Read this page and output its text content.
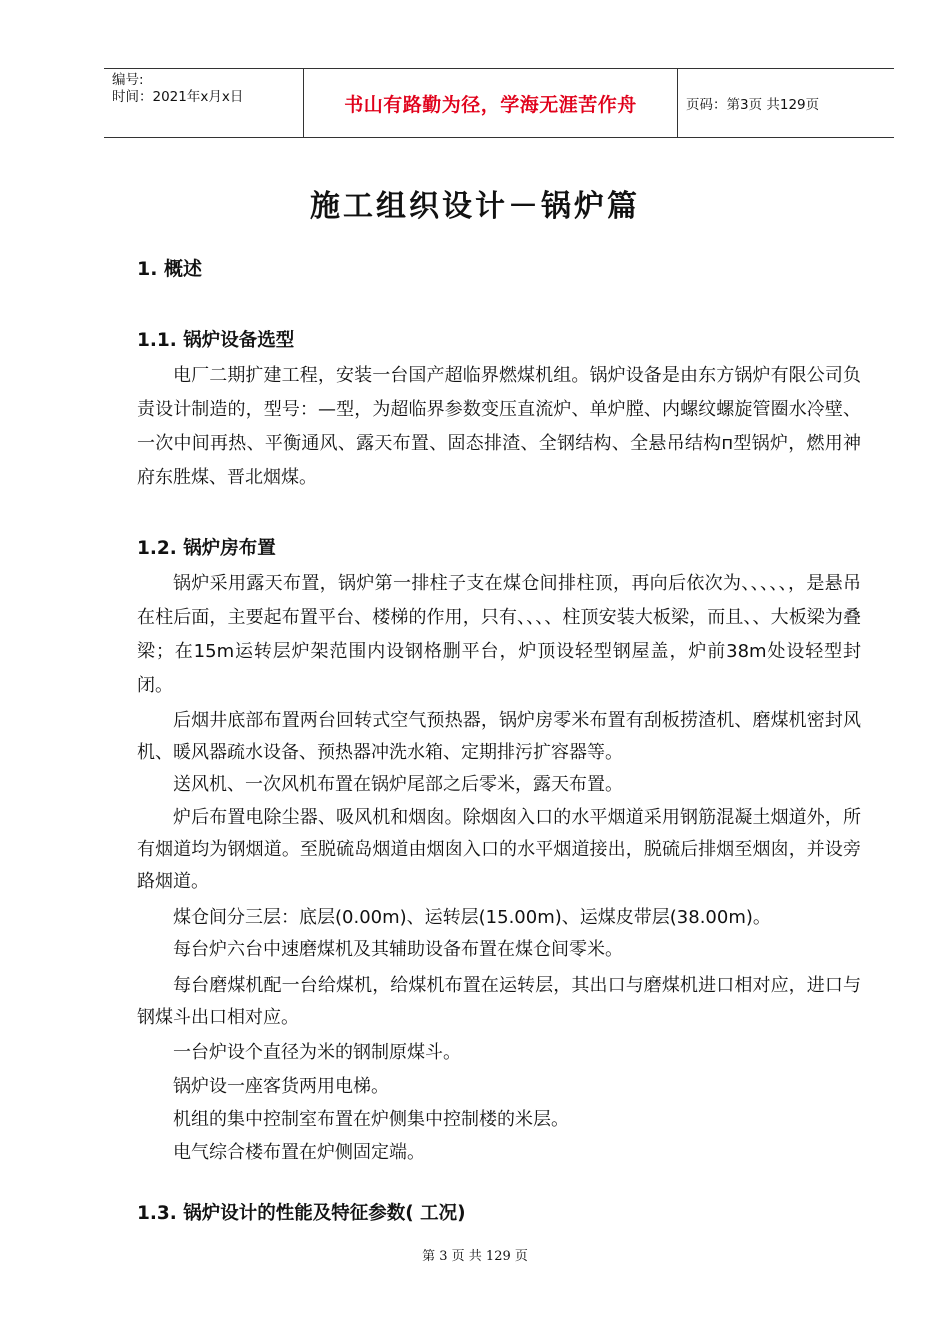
编号:
时间：2021年x月x日	书山有路勤为径，学海无涯苦作舟	页码：第3页 共129页
施工组织设计－锅炉篇
1. 概述
1.1. 锅炉设备选型

电厂二期扩建工程，安装一台国产超临界燃煤机组。锅炉设备是由东方锅炉有限公司负责设计制造的，型号：—型，为超临界参数变压直流炉、单炉膛、内螺纹螺旋管圈水冷壁、一次中间再热、平衡通风、露天布置、固态排渣、全钢结构、全悬吊结构п型锅炉，燃用神府东胜煤、晋北烟煤。

1.2. 锅炉房布置

锅炉采用露天布置，锅炉第一排柱子支在煤仓间排柱顶，再向后依次为、、、、、，是悬吊在柱后面，主要起布置平台、楼梯的作用，只有、、、、柱顶安装大板梁，而且、、大板梁为叠梁；在15m运转层炉架范围内设钢格删平台，炉顶设轻型钢屋盖，炉前38m处设轻型封闭。

后烟井底部布置两台回转式空气预热器，锅炉房零米布置有刮板捞渣机、磨煤机密封风机、暖风器疏水设备、预热器冲洗水箱、定期排污扩容器等。

送风机、一次风机布置在锅炉尾部之后零米，露天布置。

炉后布置电除尘器、吸风机和烟囱。除烟囱入口的水平烟道采用钢筋混凝土烟道外，所有烟道均为钢烟道。至脱硫岛烟道由烟囱入口的水平烟道接出，脱硫后排烟至烟囱，并设旁路烟道。

煤仓间分三层：底层(0.00m)、运转层(15.00m)、运煤皮带层(38.00m)。

每台炉六台中速磨煤机及其辅助设备布置在煤仓间零米。

每台磨煤机配一台给煤机，给煤机布置在运转层，其出口与磨煤机进口相对应，进口与钢煤斗出口相对应。

一台炉设个直径为米的钢制原煤斗。

锅炉设一座客货两用电梯。

机组的集中控制室布置在炉侧集中控制楼的米层。

电气综合楼布置在炉侧固定端。

1.3. 锅炉设计的性能及特征参数( 工况)
第 3 页 共 129 页
